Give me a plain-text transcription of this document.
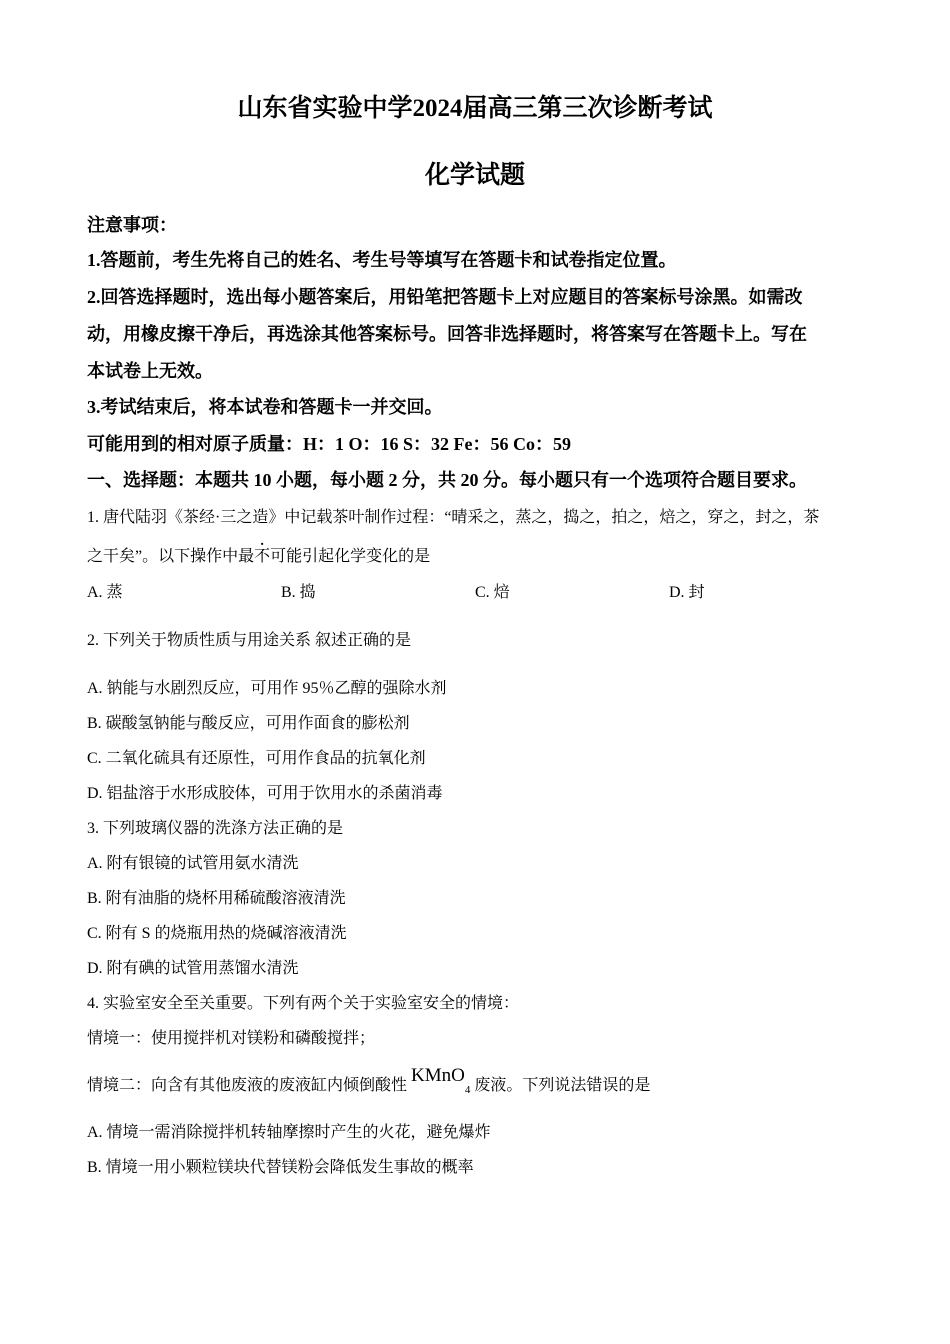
山东省实验中学2024届高三第三次诊断考试
化学试题
注意事项：
1.答题前，考生先将自己的姓名、考生号等填写在答题卡和试卷指定位置。
2.回答选择题时，选出每小题答案后，用铅笔把答题卡上对应题目的答案标号涂黑。如需改
动，用橡皮擦干净后，再选涂其他答案标号。回答非选择题时，将答案写在答题卡上。写在
本试卷上无效。
3.考试结束后，将本试卷和答题卡一并交回。
可能用到的相对原子质量：H：1 O：16 S：32 Fe：56 Co：59
一、选择题：本题共 10 小题，每小题 2 分，共 20 分。每小题只有一个选项符合题目要求。
1. 唐代陆羽《茶经·三之造》中记载茶叶制作过程：“晴采之，蒸之，捣之，拍之，焙之，穿之，封之，茶
之干矣”。以下操作中最不可能引起化学变化的是
A. 蒸	B. 捣	C. 焙	D. 封
2. 下列关于物质性质与用途关系 叙述正确的是
A. 钠能与水剧烈反应，可用作 95％乙醇的强除水剂
B. 碳酸氢钠能与酸反应，可用作面食的膨松剂
C. 二氧化硫具有还原性，可用作食品的抗氧化剂
D. 铝盐溶于水形成胶体，可用于饮用水的杀菌消毒
3. 下列玻璃仪器的洗涤方法正确的是
A. 附有银镜的试管用氨水清洗
B. 附有油脂的烧杯用稀硫酸溶液清洗
C. 附有 S 的烧瓶用热的烧碱溶液清洗
D. 附有碘的试管用蒸馏水清洗
4. 实验室安全至关重要。下列有两个关于实验室安全的情境：
情境一：使用搅拌机对镁粉和磷酸搅拌；
情境二：向含有其他废液的废液缸内倾倒酸性 KMnO$_4$ 废液。下列说法错误的是
A. 情境一需消除搅拌机转轴摩擦时产生的火花，避免爆炸
B. 情境一用小颗粒镁块代替镁粉会降低发生事故的概率
